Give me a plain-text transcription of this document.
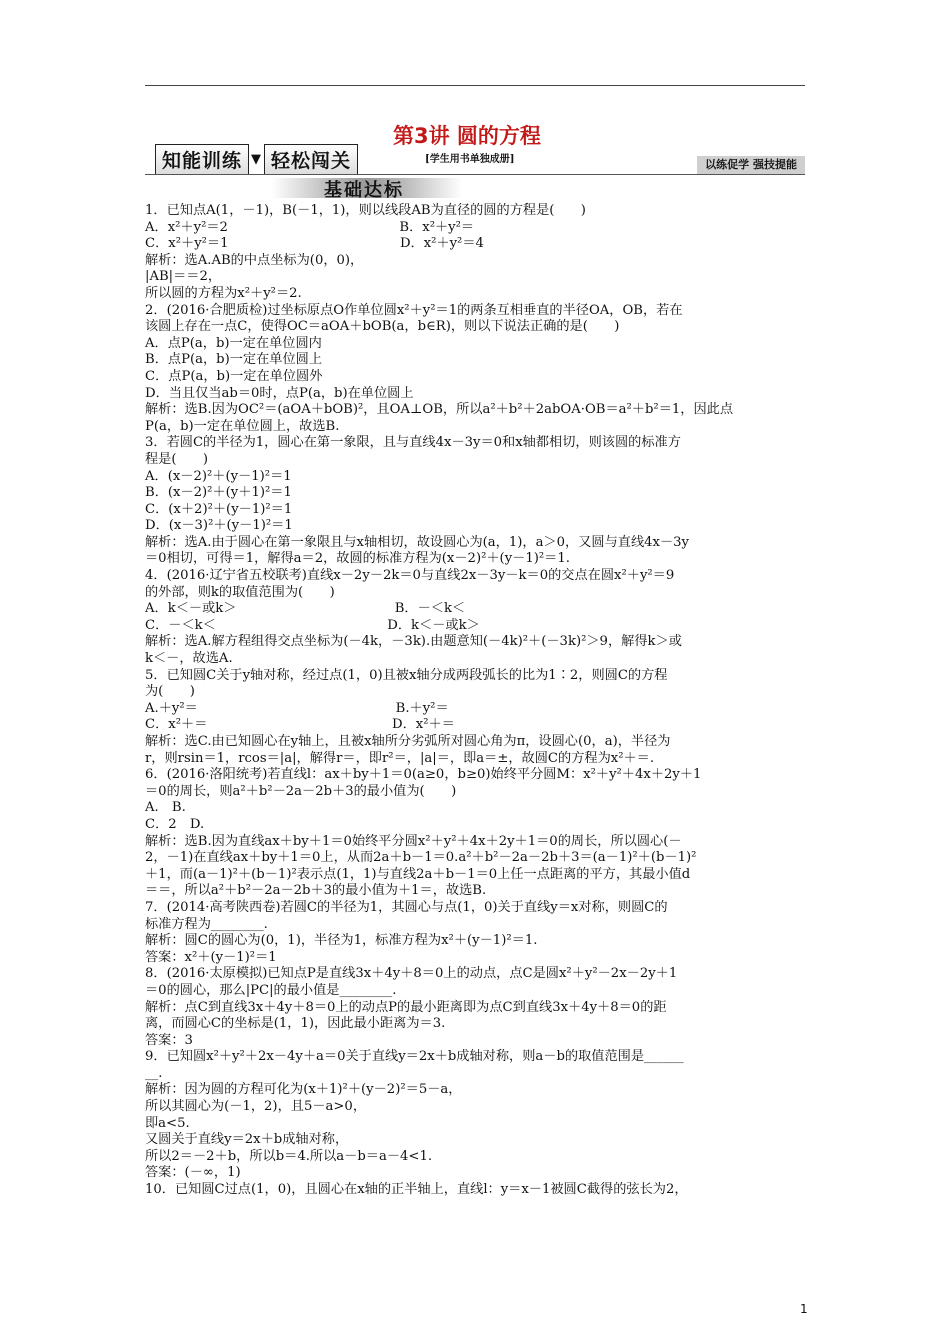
知能训练 ▼ 轻松闯关
第3讲 圆的方程
[学生用书单独成册]	以练促学 强技提能
基础达标

1．已知点A(1，－1)，B(－1，1)，则以线段AB为直径的圆的方程是(　　)

A．x²＋y²＝2　　　　　　　　　　　　　B．x²＋y²＝

C．x²＋y²＝1　　　　　　　　　　　　　D．x²＋y²＝4

解析：选A.AB的中点坐标为(0，0)，

|AB|＝＝2，

所以圆的方程为x²＋y²＝2.

2．(2016·合肥质检)过坐标原点O作单位圆x²＋y²＝1的两条互相垂直的半径OA，OB，若在

该圆上存在一点C，使得OC＝aOA＋bOB(a，b∈R)，则以下说法正确的是(　　)

A．点P(a，b)一定在单位圆内

B．点P(a，b)一定在单位圆上

C．点P(a，b)一定在单位圆外

D．当且仅当ab＝0时，点P(a，b)在单位圆上

解析：选B.因为OC²＝(aOA＋bOB)²，且OA⊥OB，所以a²＋b²＋2abOA·OB＝a²＋b²＝1，因此点

P(a，b)一定在单位圆上，故选B.

3．若圆C的半径为1，圆心在第一象限，且与直线4x－3y＝0和x轴都相切，则该圆的标准方

程是(　　)

A．(x－2)²＋(y－1)²＝1

B．(x－2)²＋(y＋1)²＝1

C．(x＋2)²＋(y－1)²＝1

D．(x－3)²＋(y－1)²＝1

解析：选A.由于圆心在第一象限且与x轴相切，故设圆心为(a，1)，a＞0，又圆与直线4x－3y

＝0相切，可得＝1，解得a＝2，故圆的标准方程为(x－2)²＋(y－1)²＝1.

4．(2016·辽宁省五校联考)直线x－2y－2k＝0与直线2x－3y－k＝0的交点在圆x²＋y²＝9

的外部，则k的取值范围为(　　)

A．k＜－或k＞　　　　　　　　　　　　B．－＜k＜

C．－＜k＜　　　　　　　　　　　　　D．k＜－或k＞

解析：选A.解方程组得交点坐标为(－4k，－3k).由题意知(－4k)²＋(－3k)²＞9，解得k＞或

k＜－，故选A.

5．已知圆C关于y轴对称，经过点(1，0)且被x轴分成两段弧长的比为1∶2，则圆C的方程

为(　　)

A.＋y²＝　　　　　　　　　　　　　　　B.＋y²＝

C．x²＋＝　　　　　　　　　　　　　　D．x²＋＝

解析：选C.由已知圆心在y轴上，且被x轴所分劣弧所对圆心角为π，设圆心(0，a)，半径为

r，则rsin＝1，rcos＝|a|，解得r＝，即r²＝，|a|＝，即a＝±，故圆C的方程为x²＋＝.

6．(2016·洛阳统考)若直线l：ax＋by＋1＝0(a≥0，b≥0)始终平分圆M：x²＋y²＋4x＋2y＋1

＝0的周长，则a²＋b²－2a－2b＋3的最小值为(　　)

A.　B.

C．2　D.

解析：选B.因为直线ax＋by＋1＝0始终平分圆x²＋y²＋4x＋2y＋1＝0的周长，所以圆心(－

2，－1)在直线ax＋by＋1＝0上，从而2a＋b－1＝0.a²＋b²－2a－2b＋3＝(a－1)²＋(b－1)²

＋1，而(a－1)²＋(b－1)²表示点(1，1)与直线2a＋b－1＝0上任一点距离的平方，其最小值d

＝＝，所以a²＋b²－2a－2b＋3的最小值为＋1＝，故选B.

7．(2014·高考陕西卷)若圆C的半径为1，其圆心与点(1，0)关于直线y＝x对称，则圆C的

标准方程为________.

解析：圆C的圆心为(0，1)，半径为1，标准方程为x²＋(y－1)²＝1.

答案：x²＋(y－1)²＝1

8．(2016·太原模拟)已知点P是直线3x＋4y＋8＝0上的动点，点C是圆x²＋y²－2x－2y＋1

＝0的圆心，那么|PC|的最小值是________.

解析：点C到直线3x＋4y＋8＝0上的动点P的最小距离即为点C到直线3x＋4y＋8＝0的距

离，而圆心C的坐标是(1，1)，因此最小距离为＝3.

答案：3

9．已知圆x²＋y²＋2x－4y＋a＝0关于直线y＝2x＋b成轴对称，则a－b的取值范围是______

__.

解析：因为圆的方程可化为(x＋1)²＋(y－2)²＝5－a，

所以其圆心为(－1，2)，且5－a>0，

即a<5.

又圆关于直线y＝2x＋b成轴对称，

所以2＝－2＋b，所以b＝4.所以a－b＝a－4<1.

答案：(－∞，1)

10．已知圆C过点(1，0)，且圆心在x轴的正半轴上，直线l：y＝x－1被圆C截得的弦长为2，

1
